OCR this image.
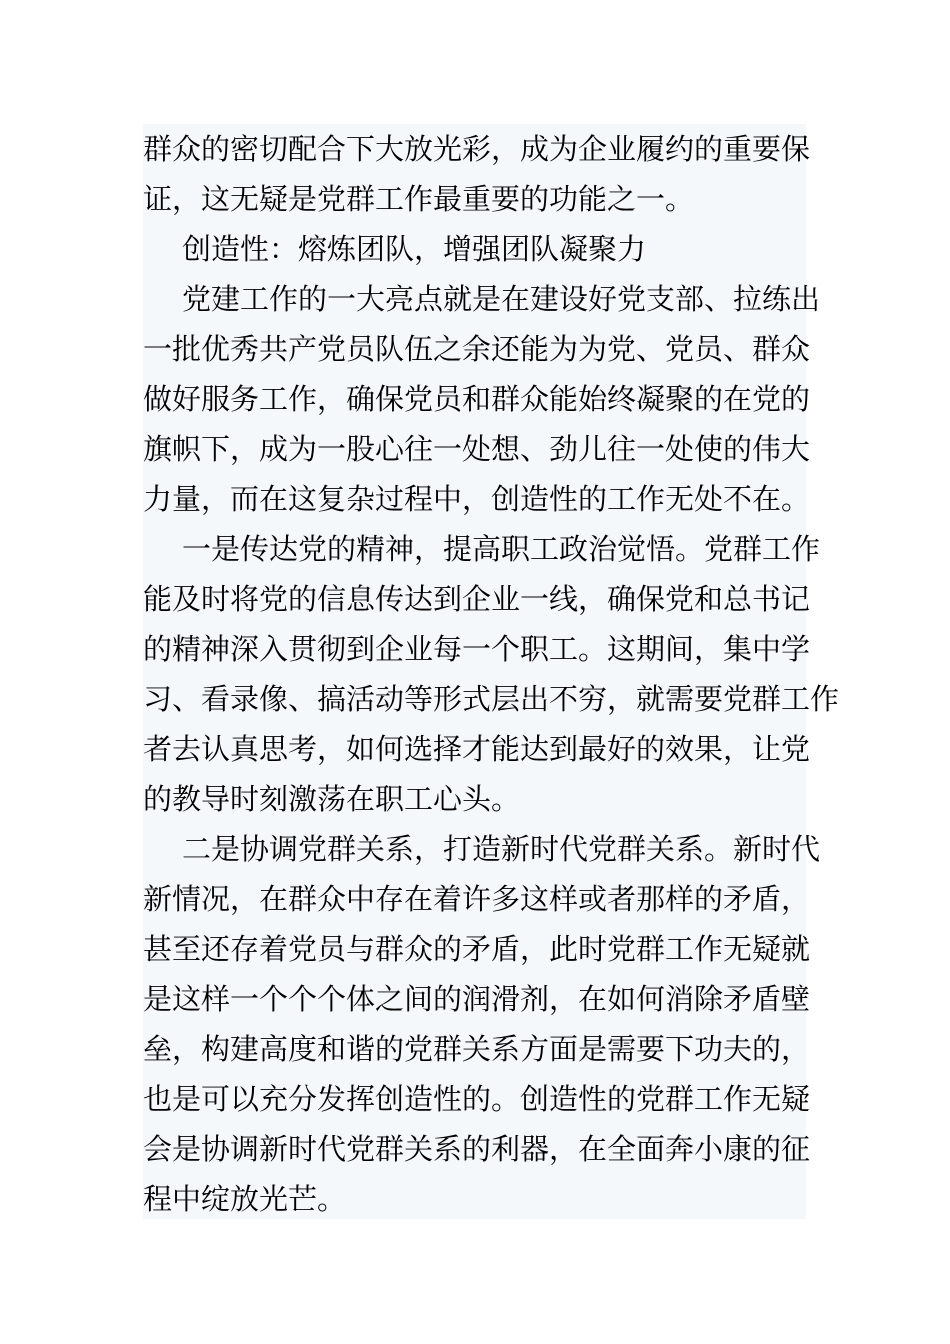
群众的密切配合下大放光彩，成为企业履约的重要保
证，这无疑是党群工作最重要的功能之一。
创造性：熔炼团队，增强团队凝聚力
党建工作的一大亮点就是在建设好党支部、拉练出
一批优秀共产党员队伍之余还能为为党、党员、群众
做好服务工作，确保党员和群众能始终凝聚的在党的
旗帜下，成为一股心往一处想、劲儿往一处使的伟大
力量，而在这复杂过程中，创造性的工作无处不在。
一是传达党的精神，提高职工政治觉悟。党群工作
能及时将党的信息传达到企业一线，确保党和总书记
的精神深入贯彻到企业每一个职工。这期间，集中学
习、看录像、搞活动等形式层出不穷，就需要党群工作
者去认真思考，如何选择才能达到最好的效果，让党
的教导时刻激荡在职工心头。
二是协调党群关系，打造新时代党群关系。新时代
新情况，在群众中存在着许多这样或者那样的矛盾，
甚至还存着党员与群众的矛盾，此时党群工作无疑就
是这样一个个个体之间的润滑剂，在如何消除矛盾壁
垒，构建高度和谐的党群关系方面是需要下功夫的，
也是可以充分发挥创造性的。创造性的党群工作无疑
会是协调新时代党群关系的利器，在全面奔小康的征
程中绽放光芒。
